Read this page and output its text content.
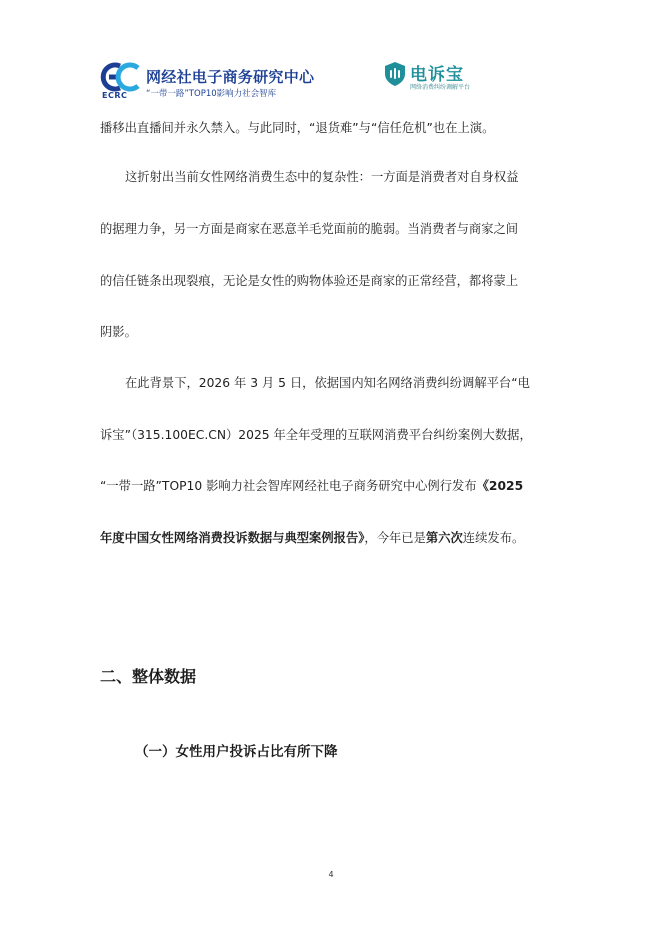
ECRC
网经社电子商务研究中心
“一带一路”TOP10影响力社会智库
电诉宝
网络消费纠纷调解平台
播移出直播间并永久禁入。与此同时，“退货难”与“信任危机”也在上演。
这折射出当前女性网络消费生态中的复杂性：一方面是消费者对自身权益
的据理力争，另一方面是商家在恶意羊毛党面前的脆弱。当消费者与商家之间
的信任链条出现裂痕，无论是女性的购物体验还是商家的正常经营，都将蒙上
阴影。
在此背景下，2026 年 3 月 5 日，依据国内知名网络消费纠纷调解平台“电
诉宝”（315.100EC.CN）2025 年全年受理的互联网消费平台纠纷案例大数据，
“一带一路”TOP10 影响力社会智库网经社电子商务研究中心例行发布《2025
年度中国女性网络消费投诉数据与典型案例报告》，今年已是第六次连续发布。
二、整体数据
（一）女性用户投诉占比有所下降
4
